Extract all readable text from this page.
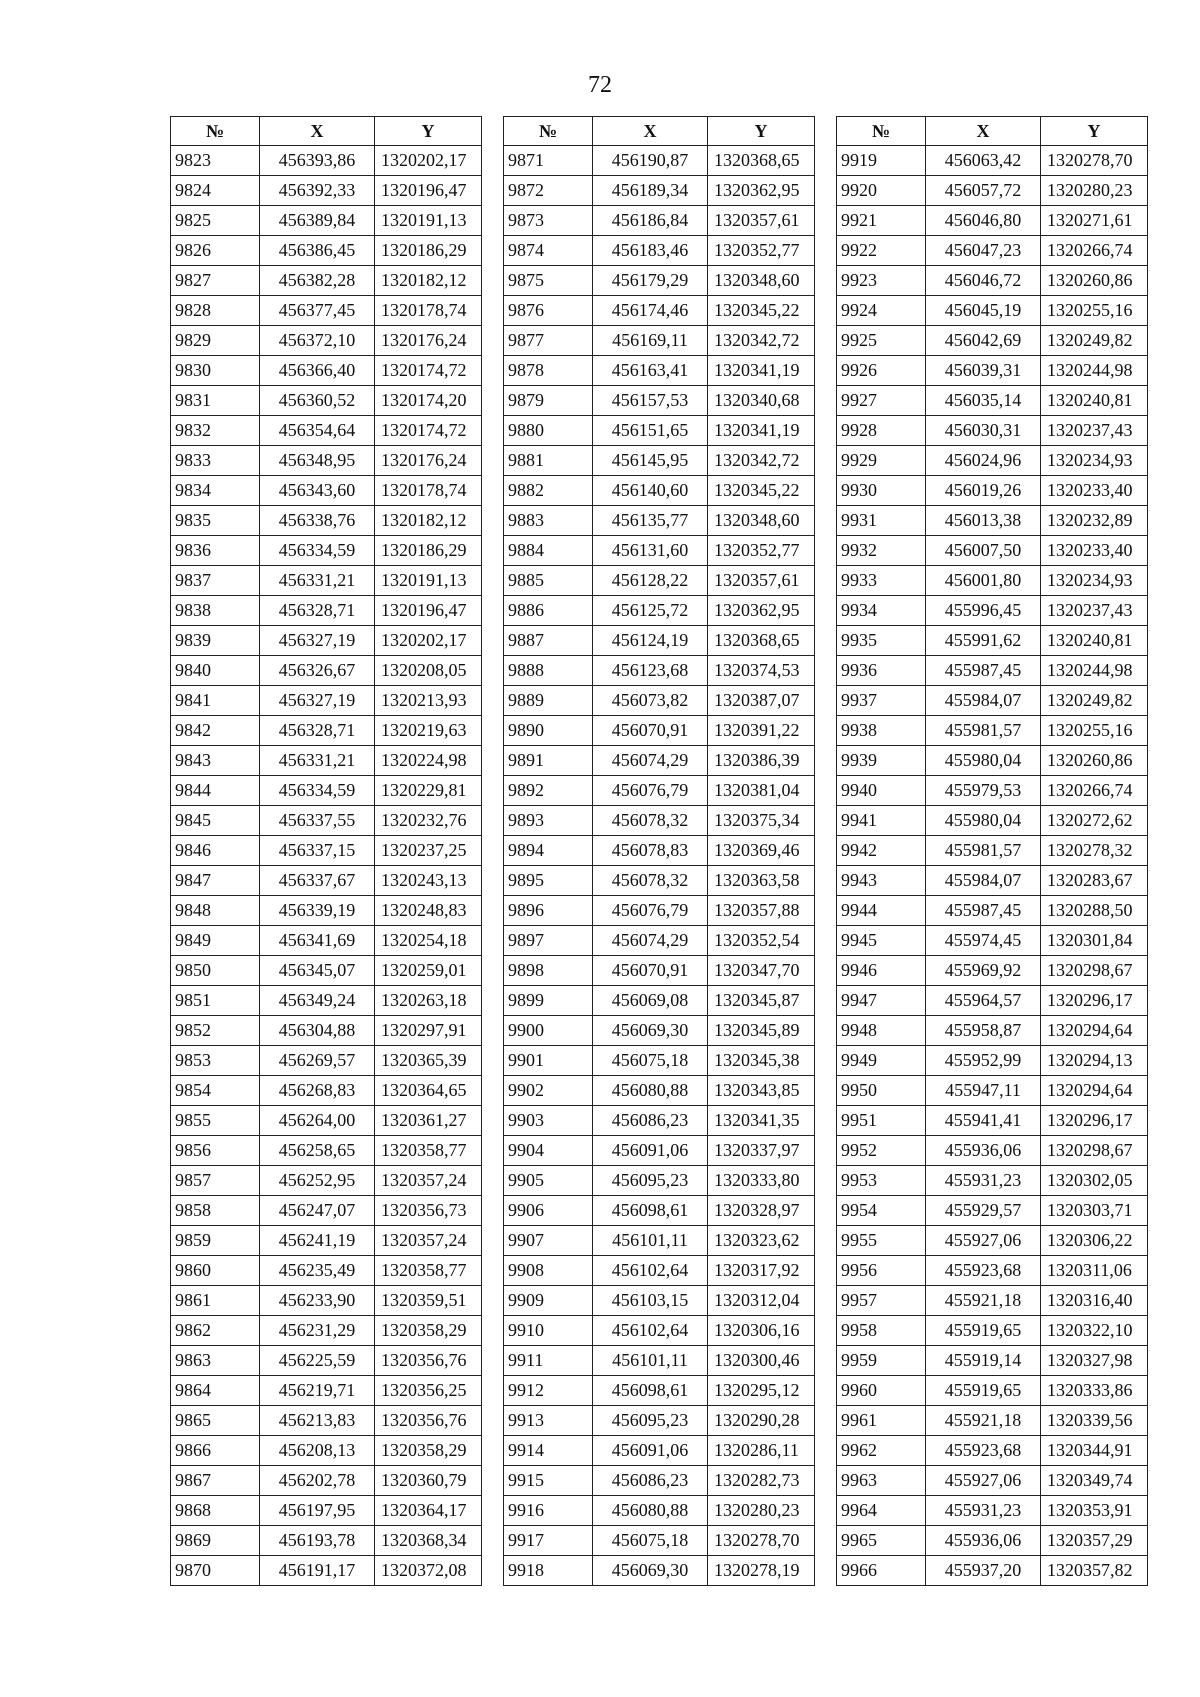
72
№	X	Y
9823	456393,86	1320202,17
9824	456392,33	1320196,47
9825	456389,84	1320191,13
9826	456386,45	1320186,29
9827	456382,28	1320182,12
9828	456377,45	1320178,74
9829	456372,10	1320176,24
9830	456366,40	1320174,72
9831	456360,52	1320174,20
9832	456354,64	1320174,72
9833	456348,95	1320176,24
9834	456343,60	1320178,74
9835	456338,76	1320182,12
9836	456334,59	1320186,29
9837	456331,21	1320191,13
9838	456328,71	1320196,47
9839	456327,19	1320202,17
9840	456326,67	1320208,05
9841	456327,19	1320213,93
9842	456328,71	1320219,63
9843	456331,21	1320224,98
9844	456334,59	1320229,81
9845	456337,55	1320232,76
9846	456337,15	1320237,25
9847	456337,67	1320243,13
9848	456339,19	1320248,83
9849	456341,69	1320254,18
9850	456345,07	1320259,01
9851	456349,24	1320263,18
9852	456304,88	1320297,91
9853	456269,57	1320365,39
9854	456268,83	1320364,65
9855	456264,00	1320361,27
9856	456258,65	1320358,77
9857	456252,95	1320357,24
9858	456247,07	1320356,73
9859	456241,19	1320357,24
9860	456235,49	1320358,77
9861	456233,90	1320359,51
9862	456231,29	1320358,29
9863	456225,59	1320356,76
9864	456219,71	1320356,25
9865	456213,83	1320356,76
9866	456208,13	1320358,29
9867	456202,78	1320360,79
9868	456197,95	1320364,17
9869	456193,78	1320368,34
9870	456191,17	1320372,08
№	X	Y
9871	456190,87	1320368,65
9872	456189,34	1320362,95
9873	456186,84	1320357,61
9874	456183,46	1320352,77
9875	456179,29	1320348,60
9876	456174,46	1320345,22
9877	456169,11	1320342,72
9878	456163,41	1320341,19
9879	456157,53	1320340,68
9880	456151,65	1320341,19
9881	456145,95	1320342,72
9882	456140,60	1320345,22
9883	456135,77	1320348,60
9884	456131,60	1320352,77
9885	456128,22	1320357,61
9886	456125,72	1320362,95
9887	456124,19	1320368,65
9888	456123,68	1320374,53
9889	456073,82	1320387,07
9890	456070,91	1320391,22
9891	456074,29	1320386,39
9892	456076,79	1320381,04
9893	456078,32	1320375,34
9894	456078,83	1320369,46
9895	456078,32	1320363,58
9896	456076,79	1320357,88
9897	456074,29	1320352,54
9898	456070,91	1320347,70
9899	456069,08	1320345,87
9900	456069,30	1320345,89
9901	456075,18	1320345,38
9902	456080,88	1320343,85
9903	456086,23	1320341,35
9904	456091,06	1320337,97
9905	456095,23	1320333,80
9906	456098,61	1320328,97
9907	456101,11	1320323,62
9908	456102,64	1320317,92
9909	456103,15	1320312,04
9910	456102,64	1320306,16
9911	456101,11	1320300,46
9912	456098,61	1320295,12
9913	456095,23	1320290,28
9914	456091,06	1320286,11
9915	456086,23	1320282,73
9916	456080,88	1320280,23
9917	456075,18	1320278,70
9918	456069,30	1320278,19
№	X	Y
9919	456063,42	1320278,70
9920	456057,72	1320280,23
9921	456046,80	1320271,61
9922	456047,23	1320266,74
9923	456046,72	1320260,86
9924	456045,19	1320255,16
9925	456042,69	1320249,82
9926	456039,31	1320244,98
9927	456035,14	1320240,81
9928	456030,31	1320237,43
9929	456024,96	1320234,93
9930	456019,26	1320233,40
9931	456013,38	1320232,89
9932	456007,50	1320233,40
9933	456001,80	1320234,93
9934	455996,45	1320237,43
9935	455991,62	1320240,81
9936	455987,45	1320244,98
9937	455984,07	1320249,82
9938	455981,57	1320255,16
9939	455980,04	1320260,86
9940	455979,53	1320266,74
9941	455980,04	1320272,62
9942	455981,57	1320278,32
9943	455984,07	1320283,67
9944	455987,45	1320288,50
9945	455974,45	1320301,84
9946	455969,92	1320298,67
9947	455964,57	1320296,17
9948	455958,87	1320294,64
9949	455952,99	1320294,13
9950	455947,11	1320294,64
9951	455941,41	1320296,17
9952	455936,06	1320298,67
9953	455931,23	1320302,05
9954	455929,57	1320303,71
9955	455927,06	1320306,22
9956	455923,68	1320311,06
9957	455921,18	1320316,40
9958	455919,65	1320322,10
9959	455919,14	1320327,98
9960	455919,65	1320333,86
9961	455921,18	1320339,56
9962	455923,68	1320344,91
9963	455927,06	1320349,74
9964	455931,23	1320353,91
9965	455936,06	1320357,29
9966	455937,20	1320357,82
